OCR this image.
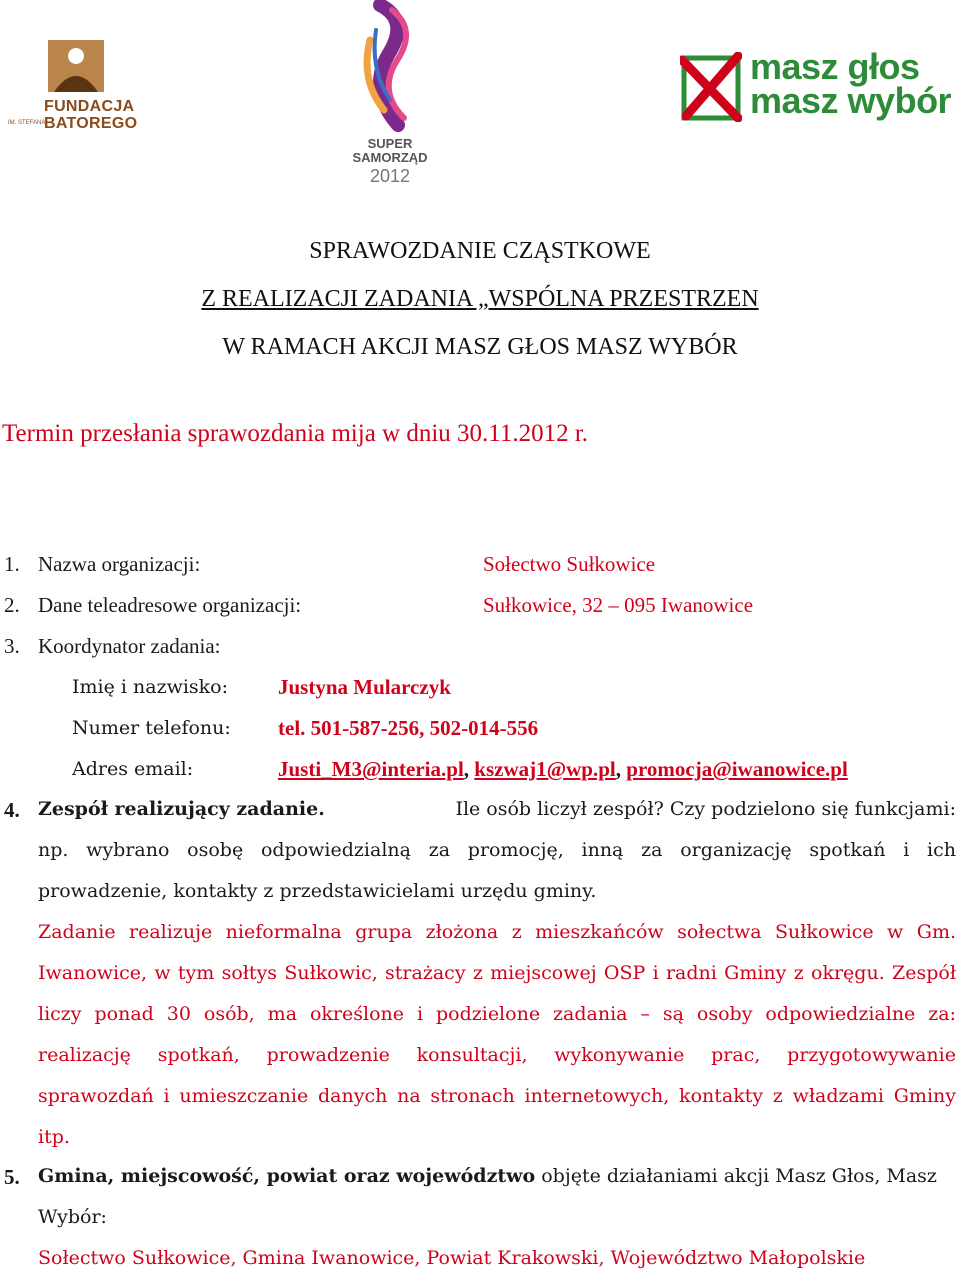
IM. STEFANA
FUNDACJA
BATOREGO
SUPER
SAMORZĄD
2012
masz głos
masz wybór
SPRAWOZDANIE CZĄSTKOWE
Z REALIZACJI ZADANIA „WSPÓLNA PRZESTRZEN
W RAMACH AKCJI MASZ GŁOS MASZ WYBÓR
Termin przesłania sprawozdania mija w dniu 30.11.2012 r.
1. Nazwa organizacji:	Sołectwo Sułkowice
2. Dane teleadresowe organizacji:	Sułkowice, 32 – 095 Iwanowice
3. Koordynator zadania:
Imię i nazwisko: Justyna Mularczyk
Numer telefonu: tel. 501-587-256, 502-014-556
Adres email:	Justi_M3@interia.pl, kszwaj1@wp.pl, promocja@iwanowice.pl
4. Zespół realizujący zadanie.	Ile osób liczył zespół? Czy podzielono się funkcjami:
np. wybrano osobę odpowiedzialną za promocję, inną za organizację spotkań i ich
prowadzenie, kontakty z przedstawicielami urzędu gminy.
Zadanie realizuje nieformalna grupa złożona z mieszkańców sołectwa Sułkowice w Gm.
Iwanowice, w tym sołtys Sułkowic, strażacy z miejscowej OSP i radni Gminy z okręgu. Zespół
liczy ponad 30 osób, ma określone i podzielone zadania – są osoby odpowiedzialne za:
realizację spotkań, prowadzenie konsultacji, wykonywanie prac, przygotowywanie
sprawozdań i umieszczanie danych na stronach internetowych, kontakty z władzami Gminy
itp.
5. Gmina, miejscowość, powiat oraz województwo objęte działaniami akcji Masz Głos, Masz
Wybór:
Sołectwo Sułkowice, Gmina Iwanowice, Powiat Krakowski, Województwo Małopolskie
